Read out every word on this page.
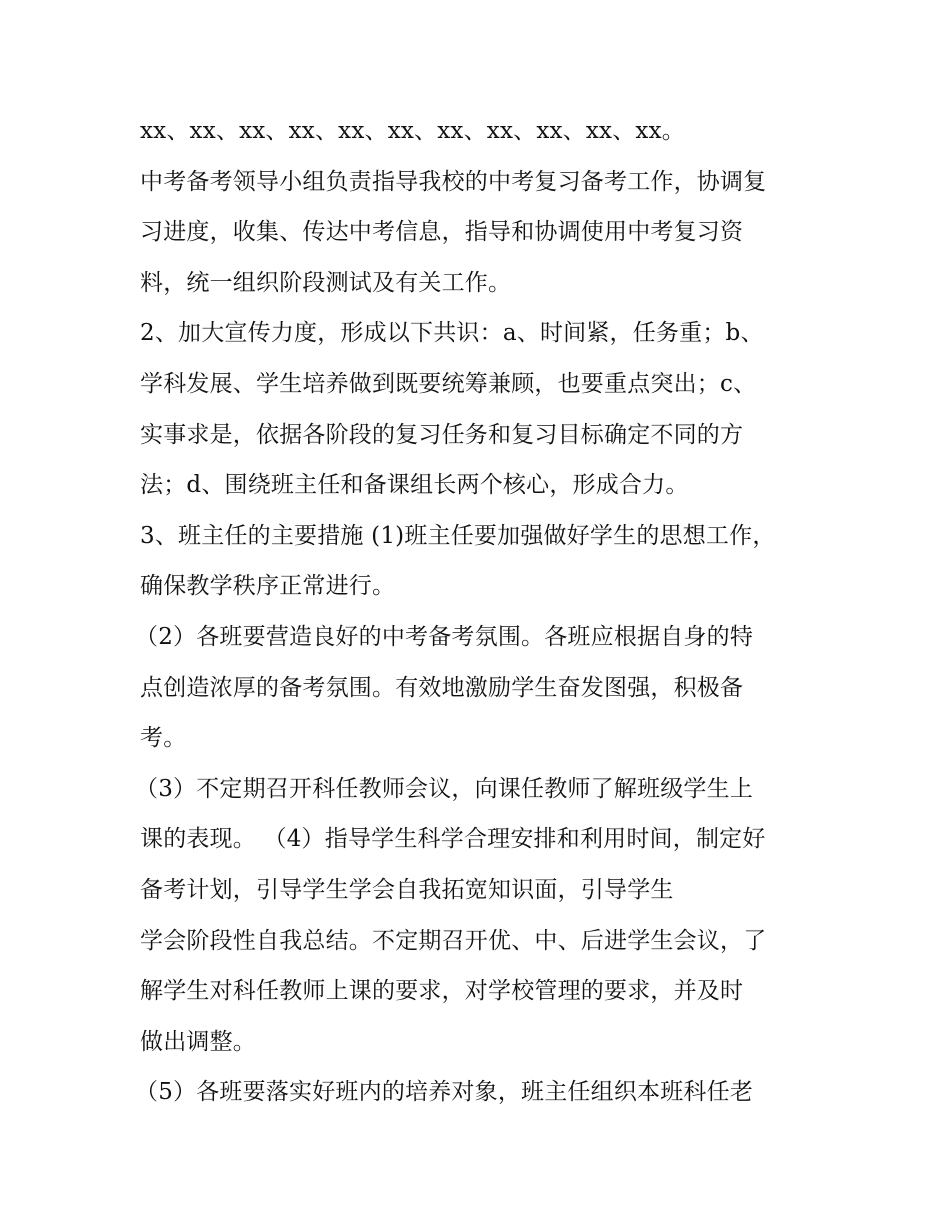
xx、xx、xx、xx、xx、xx、xx、xx、xx、xx、xx。
中考备考领导小组负责指导我校的中考复习备考工作，协调复
习进度，收集、传达中考信息，指导和协调使用中考复习资
料，统一组织阶段测试及有关工作。
2、加大宣传力度，形成以下共识：a、时间紧，任务重；b、
学科发展、学生培养做到既要统筹兼顾，也要重点突出；c、
实事求是，依据各阶段的复习任务和复习目标确定不同的方
法；d、围绕班主任和备课组长两个核心，形成合力。
3、班主任的主要措施 (1)班主任要加强做好学生的思想工作，
确保教学秩序正常进行。
（2）各班要营造良好的中考备考氛围。各班应根据自身的特
点创造浓厚的备考氛围。有效地激励学生奋发图强，积极备
考。
（3）不定期召开科任教师会议，向课任教师了解班级学生上
课的表现。 （4）指导学生科学合理安排和利用时间，制定好
备考计划，引导学生学会自我拓宽知识面，引导学生
学会阶段性自我总结。不定期召开优、中、后进学生会议，了
解学生对科任教师上课的要求，对学校管理的要求，并及时
做出调整。
（5）各班要落实好班内的培养对象，班主任组织本班科任老
